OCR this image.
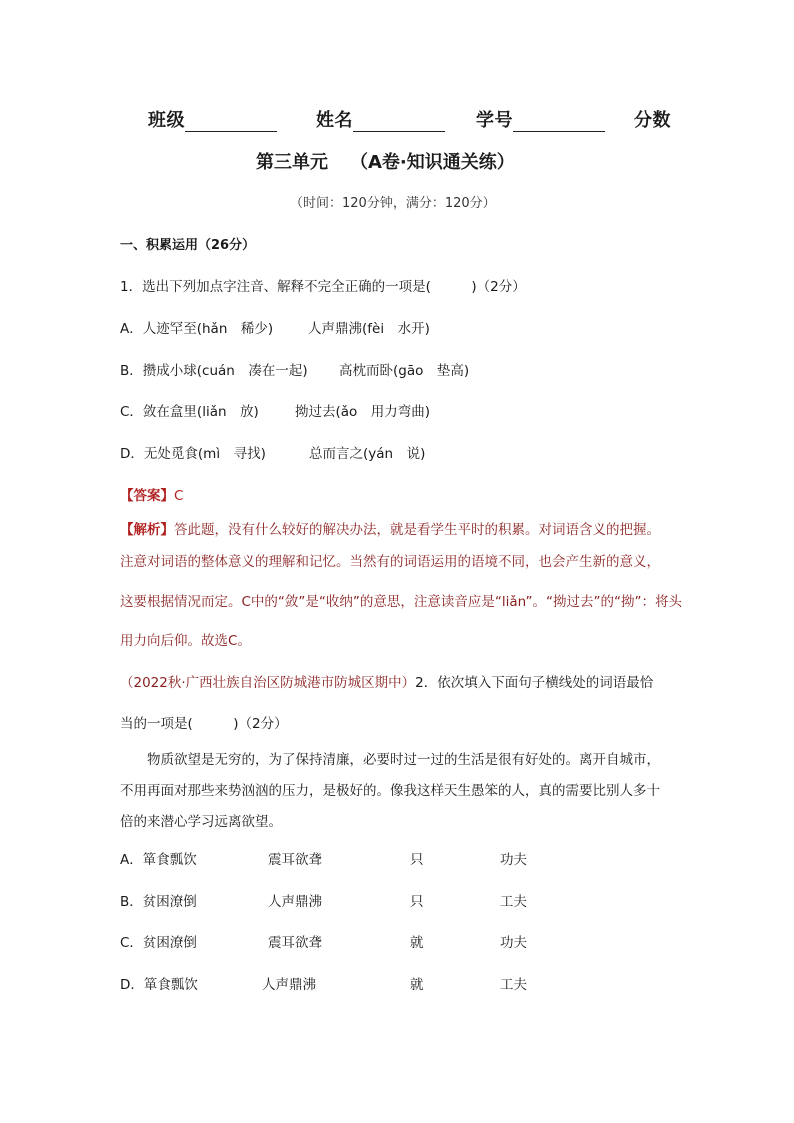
班级	姓名	学号	分数
第三单元 （A卷·知识通关练）
（时间：120分钟，满分：120分）
一、积累运用（26分）
1．选出下列加点字注音、解释不完全正确的一项是(　　　)（2分）
A．人迹罕至(hǎn　稀少)	人声鼎沸(fèi　水开)
B．攒成小球(cuán　凑在一起) 高枕而卧(gāo　垫高)
C．敛在盒里(liǎn　放)	拗过去(ǎo　用力弯曲)
D．无处觅食(mì　寻找)	总而言之(yán　说)
【答案】C
【解析】答此题，没有什么较好的解决办法，就是看学生平时的积累。对词语含义的把握。
注意对词语的整体意义的理解和记忆。当然有的词语运用的语境不同，也会产生新的意义，
这要根据情况而定。C中的“敛”是“收纳”的意思，注意读音应是“liǎn”。“拗过去”的“拗”：将头
用力向后仰。故选C。
（2022秋·广西壮族自治区防城港市防城区期中）2．依次填入下面句子横线处的词语最恰
当的一项是(　　　)（2分）
　　物质欲望是无穷的，为了保持清廉，必要时过一过的生活是很有好处的。离开自城市，
不用再面对那些来势汹汹的压力，是极好的。像我这样天生愚笨的人，真的需要比别人多十
倍的来潜心学习远离欲望。
A．箪食瓢饮	震耳欲聋	只	功夫
B．贫困潦倒	人声鼎沸	只	工夫
C．贫困潦倒	震耳欲聋	就	功夫
D．箪食瓢饮	人声鼎沸	就	工夫
